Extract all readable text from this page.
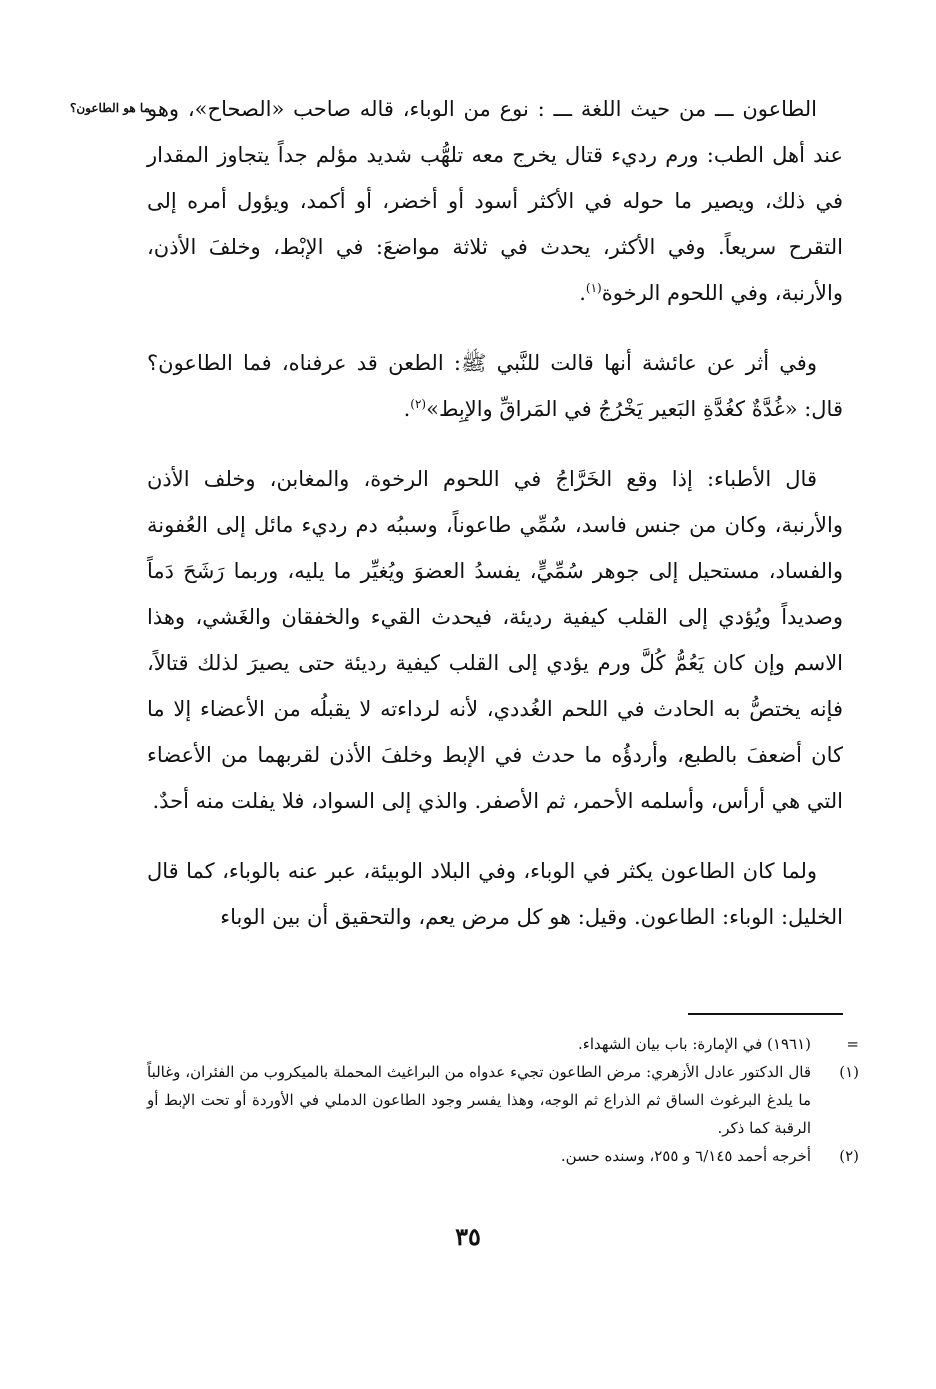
ما هو الطاعون؟

الطاعون ـــ من حيث اللغة ـــ : نوع من الوباء، قاله صاحب «الصحاح»، وهو عند أهل الطب: ورم رديء قتال يخرج معه تلهُّب شديد مؤلم جداً يتجاوز المقدار في ذلك، ويصير ما حوله في الأكثر أسود أو أخضر، أو أكمد، ويؤول أمره إلى التقرح سريعاً. وفي الأكثر، يحدث في ثلاثة مواضعَ: في الإبْط، وخلفَ الأذن، والأرنبة، وفي اللحوم الرخوة$^{(١)}$.

وفي أثر عن عائشة أنها قالت للنَّبي ﷺ: الطعن قد عرفناه، فما الطاعون؟ قال: «غُدَّةٌ كغُدَّةِ البَعير يَخْرُجُ في المَراقِّ والإبِط»$^{(٢)}$.

قال الأطباء: إذا وقع الخَرَّاجُ في اللحوم الرخوة، والمغابن، وخلف الأذن والأرنبة، وكان من جنس فاسد، سُمِّي طاعوناً، وسببُه دم رديء مائل إلى العُفونة والفساد، مستحيل إلى جوهر سُمِّيٍّ، يفسدُ العضوَ ويُغيِّر ما يليه، وربما رَشَحَ دَماً وصديداً ويُؤدي إلى القلب كيفية رديئة، فيحدث القيء والخفقان والغَشي، وهذا الاسم وإن كان يَعُمُّ كُلَّ ورم يؤدي إلى القلب كيفية رديئة حتى يصيرَ لذلك قتالاً، فإنه يختصُّ به الحادث في اللحم الغُددي، لأنه لرداءته لا يقبلُه من الأعضاء إلا ما كان أضعفَ بالطبع، وأردؤُه ما حدث في الإبط وخلفَ الأذن لقربهما من الأعضاء التي هي أرأس، وأسلمه الأحمر، ثم الأصفر. والذي إلى السواد، فلا يفلت منه أحدٌ.

ولما كان الطاعون يكثر في الوباء، وفي البلاد الوبيئة، عبر عنه بالوباء، كما قال الخليل: الوباء: الطاعون. وقيل: هو كل مرض يعم، والتحقيق أن بين الوباء

=
(١٩٦١) في الإمارة: باب بيان الشهداء.
(١)
قال الدكتور عادل الأزهري: مرض الطاعون تجيء عدواه من البراغيث المحملة بالميكروب من الفئران، وغالباً ما يلدغ البرغوث الساق ثم الذراع ثم الوجه، وهذا يفسر وجود الطاعون الدملي في الأوردة أو تحت الإبط أو الرقبة كما ذكر.
(٢)
أخرجه أحمد ٦/١٤٥ و ٢٥٥، وسنده حسن.
٣٥
